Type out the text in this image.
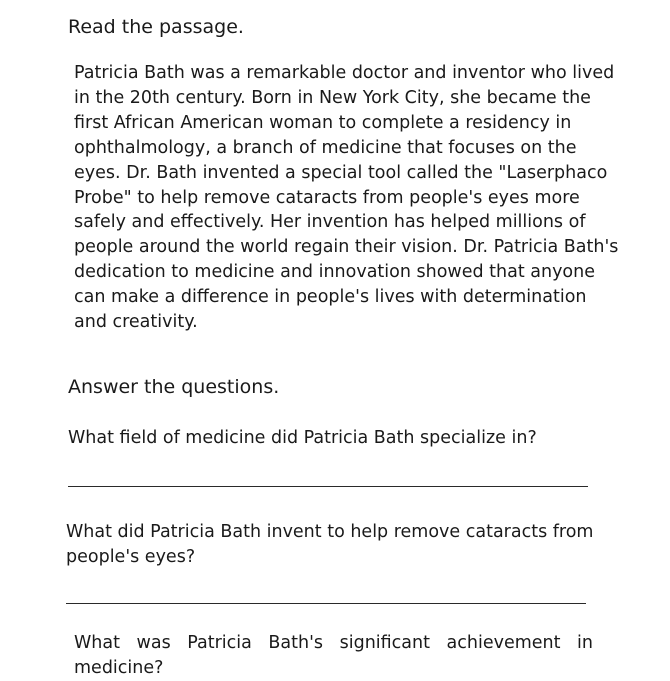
Read the passage.

Patricia Bath was a remarkable doctor and inventor who lived in the 20th century. Born in New York City, she became the first African American woman to complete a residency in ophthalmology, a branch of medicine that focuses on the eyes. Dr. Bath invented a special tool called the "Laserphaco Probe" to help remove cataracts from people's eyes more safely and effectively. Her invention has helped millions of people around the world regain their vision. Dr. Patricia Bath's dedication to medicine and innovation showed that anyone can make a difference in people's lives with determination and creativity.

Answer the questions.

What field of medicine did Patricia Bath specialize in?

What did Patricia Bath invent to help remove cataracts from people's eyes?

What was Patricia Bath's significant achievement in medicine?
